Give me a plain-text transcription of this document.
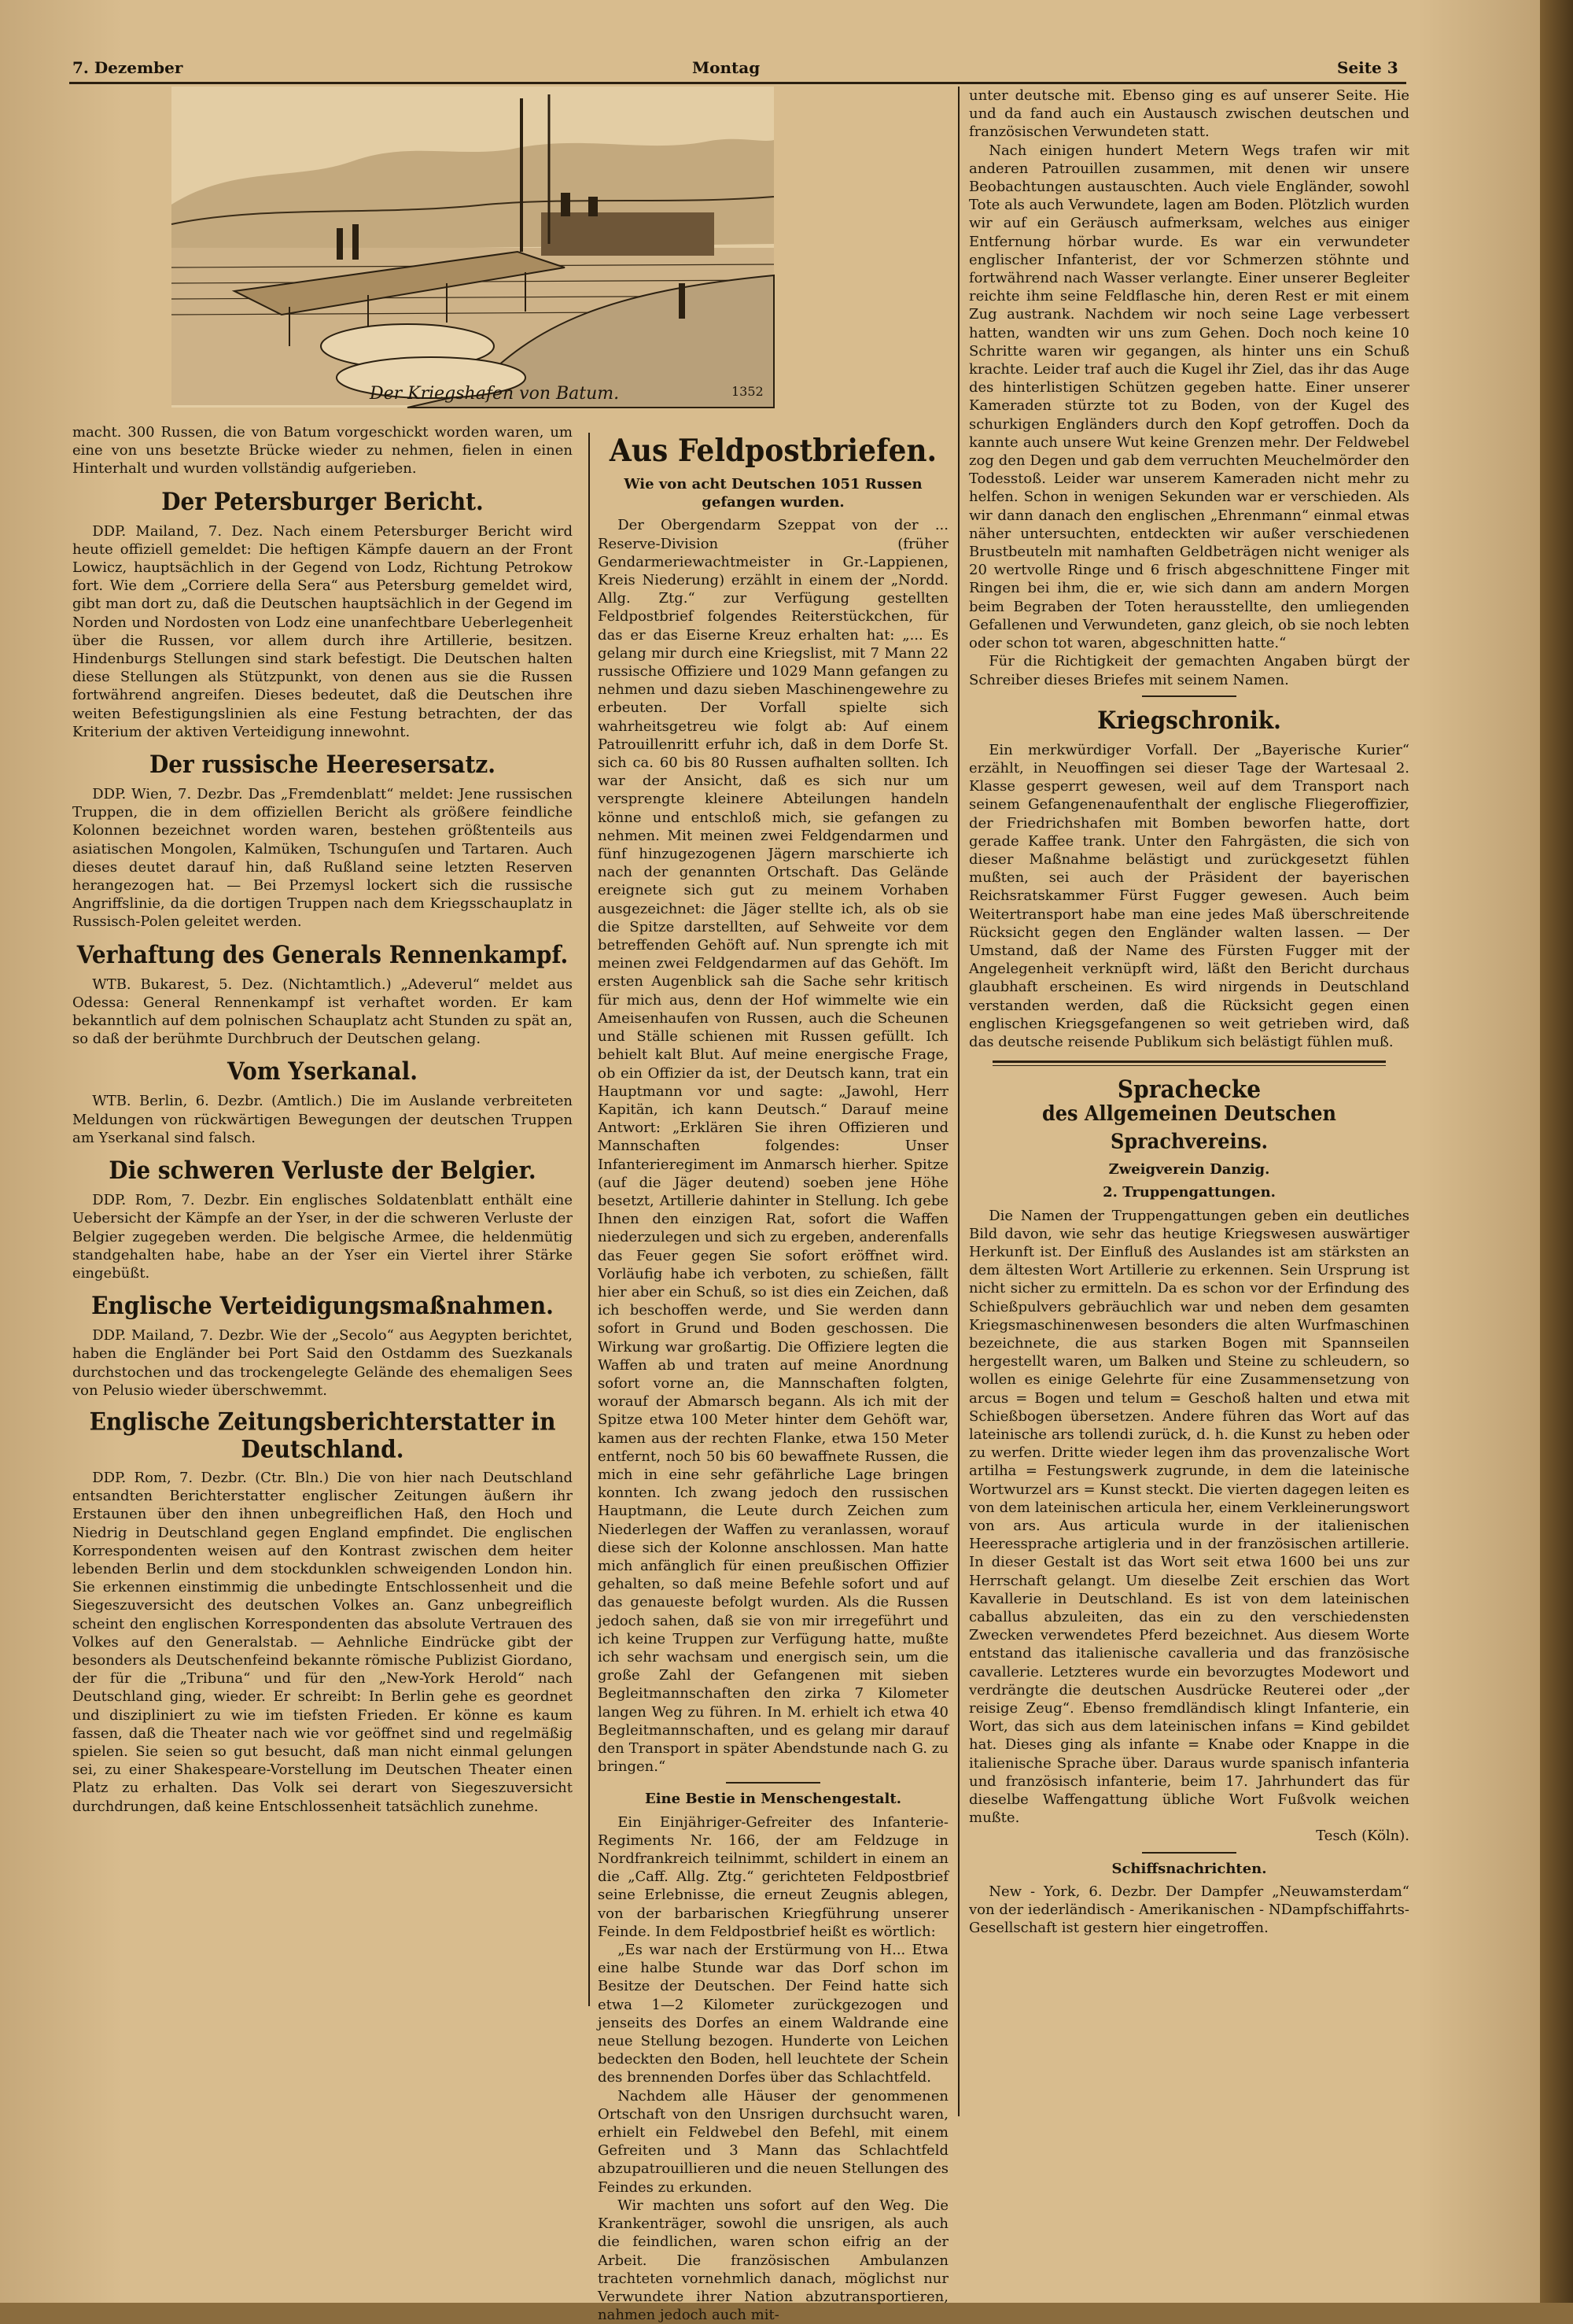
7. Dezember	Montag	Seite 3
Der Kriegshafen von Batum.	1352

macht. 300 Russen, die von Batum vorgeschickt worden waren, um eine von uns besetzte Brücke wieder zu nehmen, fielen in einen Hinterhalt und wurden vollständig aufgerieben.

Der Petersburger Bericht.

DDP. Mailand, 7. Dez. Nach einem Petersburger Bericht wird heute offiziell gemeldet: Die heftigen Kämpfe dauern an der Front Lowicz, hauptsächlich in der Gegend von Lodz, Richtung Petrokow fort. Wie dem „Corriere della Sera“ aus Petersburg gemeldet wird, gibt man dort zu, daß die Deutschen hauptsächlich in der Gegend im Norden und Nordosten von Lodz eine unanfechtbare Ueberlegenheit über die Russen, vor allem durch ihre Artillerie, besitzen. Hindenburgs Stellungen sind stark befestigt. Die Deutschen halten diese Stellungen als Stützpunkt, von denen aus sie die Russen fortwährend angreifen. Dieses bedeutet, daß die Deutschen ihre weiten Befestigungslinien als eine Festung betrachten, der das Kriterium der aktiven Verteidigung innewohnt.

Der russische Heeresersatz.

DDP. Wien, 7. Dezbr. Das „Fremdenblatt“ meldet: Jene russischen Truppen, die in dem offiziellen Bericht als größere feindliche Kolonnen bezeichnet worden waren, bestehen größtenteils aus asiatischen Mongolen, Kalmüken, Tschunguſen und Tartaren. Auch dieses deutet darauf hin, daß Rußland seine letzten Reserven herangezogen hat. — Bei Przemysl lockert sich die russische Angriffslinie, da die dortigen Truppen nach dem Kriegsschauplatz in Russisch-Polen geleitet werden.

Verhaftung des Generals Rennenkampf.

WTB. Bukarest, 5. Dez. (Nichtamtlich.) „Adeverul“ meldet aus Odessa: General Rennenkampf ist verhaftet worden. Er kam bekanntlich auf dem polnischen Schauplatz acht Stunden zu spät an, so daß der berühmte Durchbruch der Deutschen gelang.

Vom Yserkanal.

WTB. Berlin, 6. Dezbr. (Amtlich.) Die im Auslande verbreiteten Meldungen von rückwärtigen Bewegungen der deutschen Truppen am Yserkanal sind falsch.

Die schweren Verluste der Belgier.

DDP. Rom, 7. Dezbr. Ein englisches Soldatenblatt enthält eine Uebersicht der Kämpfe an der Yser, in der die schweren Verluste der Belgier zugegeben werden. Die belgische Armee, die heldenmütig standgehalten habe, habe an der Yser ein Viertel ihrer Stärke eingebüßt.

Englische Verteidigungsmaßnahmen.

DDP. Mailand, 7. Dezbr. Wie der „Secolo“ aus Aegypten berichtet, haben die Engländer bei Port Said den Ostdamm des Suezkanals durchstochen und das trockengelegte Gelände des ehemaligen Sees von Pelusio wieder überschwemmt.

Englische Zeitungsberichterstatter in Deutschland.

DDP. Rom, 7. Dezbr. (Ctr. Bln.) Die von hier nach Deutschland entsandten Berichterstatter englischer Zeitungen äußern ihr Erstaunen über den ihnen unbegreiflichen Haß, den Hoch und Niedrig in Deutschland gegen England empfindet. Die englischen Korrespondenten weisen auf den Kontrast zwischen dem heiter lebenden Berlin und dem stockdunklen schweigenden London hin. Sie erkennen einstimmig die unbedingte Entschlossenheit und die Siegeszuversicht des deutschen Volkes an. Ganz unbegreiflich scheint den englischen Korrespondenten das absolute Vertrauen des Volkes auf den Generalstab. — Aehnliche Eindrücke gibt der besonders als Deutschenfeind bekannte römische Publizist Giordano, der für die „Tribuna“ und für den „New-York Herold“ nach Deutschland ging, wieder. Er schreibt: In Berlin gehe es geordnet und diszipliniert zu wie im tiefsten Frieden. Er könne es kaum fassen, daß die Theater nach wie vor geöffnet sind und regelmäßig spielen. Sie seien so gut besucht, daß man nicht einmal gelungen sei, zu einer Shakespeare-Vorstellung im Deutschen Theater einen Platz zu erhalten. Das Volk sei derart von Siegeszuversicht durchdrungen, daß keine Entschlossenheit tatsächlich zunehme.

Aus Feldpostbriefen.
Wie von acht Deutschen 1051 Russen gefangen wurden.

Der Obergendarm Szeppat von der ... Reserve-Division (früher Gendarmeriewachtmeister in Gr.-Lappienen, Kreis Niederung) erzählt in einem der „Nordd. Allg. Ztg.“ zur Verfügung gestellten Feldpostbrief folgendes Reiterstückchen, für das er das Eiserne Kreuz erhalten hat: „... Es gelang mir durch eine Kriegslist, mit 7 Mann 22 russische Offiziere und 1029 Mann gefangen zu nehmen und dazu sieben Maschinengewehre zu erbeuten. Der Vorfall spielte sich wahrheitsgetreu wie folgt ab: Auf einem Patrouillenritt erfuhr ich, daß in dem Dorfe St. sich ca. 60 bis 80 Russen aufhalten sollten. Ich war der Ansicht, daß es sich nur um versprengte kleinere Abteilungen handeln könne und entschloß mich, sie gefangen zu nehmen. Mit meinen zwei Feldgendarmen und fünf hinzugezogenen Jägern marschierte ich nach der genannten Ortschaft. Das Gelände ereignete sich gut zu meinem Vorhaben ausgezeichnet: die Jäger stellte ich, als ob sie die Spitze darstellten, auf Sehweite vor dem betreffenden Gehöft auf. Nun sprengte ich mit meinen zwei Feldgendarmen auf das Gehöft. Im ersten Augenblick sah die Sache sehr kritisch für mich aus, denn der Hof wimmelte wie ein Ameisenhaufen von Russen, auch die Scheunen und Ställe schienen mit Russen gefüllt. Ich behielt kalt Blut. Auf meine energische Frage, ob ein Offizier da ist, der Deutsch kann, trat ein Hauptmann vor und sagte: „Jawohl, Herr Kapitän, ich kann Deutsch.“ Darauf meine Antwort: „Erklären Sie ihren Offizieren und Mannschaften folgendes: Unser Infanterieregiment im Anmarsch hierher. Spitze (auf die Jäger deutend) soeben jene Höhe besetzt, Artillerie dahinter in Stellung. Ich gebe Ihnen den einzigen Rat, sofort die Waffen niederzulegen und sich zu ergeben, anderenfalls das Feuer gegen Sie sofort eröffnet wird. Vorläufig habe ich verboten, zu schießen, fällt hier aber ein Schuß, so ist dies ein Zeichen, daß ich beschoffen werde, und Sie werden dann sofort in Grund und Boden geschossen. Die Wirkung war großartig. Die Offiziere legten die Waffen ab und traten auf meine Anordnung sofort vorne an, die Mannschaften folgten, worauf der Abmarsch begann. Als ich mit der Spitze etwa 100 Meter hinter dem Gehöft war, kamen aus der rechten Flanke, etwa 150 Meter entfernt, noch 50 bis 60 bewaffnete Russen, die mich in eine sehr gefährliche Lage bringen konnten. Ich zwang jedoch den russischen Hauptmann, die Leute durch Zeichen zum Niederlegen der Waffen zu veranlassen, worauf diese sich der Kolonne anschlossen. Man hatte mich anfänglich für einen preußischen Offizier gehalten, so daß meine Befehle sofort und auf das genaueste befolgt wurden. Als die Russen jedoch sahen, daß sie von mir irregeführt und ich keine Truppen zur Verfügung hatte, mußte ich sehr wachsam und energisch sein, um die große Zahl der Gefangenen mit sieben Begleitmannschaften den zirka 7 Kilometer langen Weg zu führen. In M. erhielt ich etwa 40 Begleitmannschaften, und es gelang mir darauf den Transport in später Abendstunde nach G. zu bringen.“

Eine Bestie in Menschengestalt.

Ein Einjähriger-Gefreiter des Infanterie-Regiments Nr. 166, der am Feldzuge in Nordfrankreich teilnimmt, schildert in einem an die „Caff. Allg. Ztg.“ gerichteten Feldpostbrief seine Erlebnisse, die erneut Zeugnis ablegen, von der barbarischen Kriegführung unserer Feinde. In dem Feldpostbrief heißt es wörtlich:

„Es war nach der Erstürmung von H... Etwa eine halbe Stunde war das Dorf schon im Besitze der Deutschen. Der Feind hatte sich etwa 1—2 Kilometer zurückgezogen und jenseits des Dorfes an einem Waldrande eine neue Stellung bezogen. Hunderte von Leichen bedeckten den Boden, hell leuchtete der Schein des brennenden Dorfes über das Schlachtfeld.

Nachdem alle Häuser der genommenen Ortschaft von den Unsrigen durchsucht waren, erhielt ein Feldwebel den Befehl, mit einem Gefreiten und 3 Mann das Schlachtfeld abzupatrouillieren und die neuen Stellungen des Feindes zu erkunden.

Wir machten uns sofort auf den Weg. Die Krankenträger, sowohl die unsrigen, als auch die feindlichen, waren schon eifrig an der Arbeit. Die französischen Ambulanzen trachteten vornehmlich danach, möglichst nur Verwundete ihrer Nation abzutransportieren, nahmen jedoch auch mit-

unter deutsche mit. Ebenso ging es auf unserer Seite. Hie und da fand auch ein Austausch zwischen deutschen und französischen Verwundeten statt.

Nach einigen hundert Metern Wegs trafen wir mit anderen Patrouillen zusammen, mit denen wir unsere Beobachtungen austauschten. Auch viele Engländer, sowohl Tote als auch Verwundete, lagen am Boden. Plötzlich wurden wir auf ein Geräusch aufmerksam, welches aus einiger Entfernung hörbar wurde. Es war ein verwundeter englischer Infanterist, der vor Schmerzen stöhnte und fortwährend nach Wasser verlangte. Einer unserer Begleiter reichte ihm seine Feldflasche hin, deren Rest er mit einem Zug austrank. Nachdem wir noch seine Lage verbessert hatten, wandten wir uns zum Gehen. Doch noch keine 10 Schritte waren wir gegangen, als hinter uns ein Schuß krachte. Leider traf auch die Kugel ihr Ziel, das ihr das Auge des hinterlistigen Schützen gegeben hatte. Einer unserer Kameraden stürzte tot zu Boden, von der Kugel des schurkigen Engländers durch den Kopf getroffen. Doch da kannte auch unsere Wut keine Grenzen mehr. Der Feldwebel zog den Degen und gab dem verruchten Meuchelmörder den Todesstoß. Leider war unserem Kameraden nicht mehr zu helfen. Schon in wenigen Sekunden war er verschieden. Als wir dann danach den englischen „Ehrenmann“ einmal etwas näher untersuchten, entdeckten wir außer verschiedenen Brustbeuteln mit namhaften Geldbeträgen nicht weniger als 20 wertvolle Ringe und 6 frisch abgeschnittene Finger mit Ringen bei ihm, die er, wie sich dann am andern Morgen beim Begraben der Toten herausstellte, den umliegenden Gefallenen und Verwundeten, ganz gleich, ob sie noch lebten oder schon tot waren, abgeschnitten hatte.“

Für die Richtigkeit der gemachten Angaben bürgt der Schreiber dieses Briefes mit seinem Namen.

Kriegschronik.

Ein merkwürdiger Vorfall. Der „Bayerische Kurier“ erzählt, in Neuoffingen sei dieser Tage der Wartesaal 2. Klasse gesperrt gewesen, weil auf dem Transport nach seinem Gefangenenaufenthalt der englische Fliegeroffizier, der Friedrichshafen mit Bomben beworfen hatte, dort gerade Kaffee trank. Unter den Fahrgästen, die sich von dieser Maßnahme belästigt und zurückgesetzt fühlen mußten, sei auch der Präsident der bayerischen Reichsratskammer Fürst Fugger gewesen. Auch beim Weitertransport habe man eine jedes Maß überschreitende Rücksicht gegen den Engländer walten lassen. — Der Umstand, daß der Name des Fürsten Fugger mit der Angelegenheit verknüpft wird, läßt den Bericht durchaus glaubhaft erscheinen. Es wird nirgends in Deutschland verstanden werden, daß die Rücksicht gegen einen englischen Kriegsgefangenen so weit getrieben wird, daß das deutsche reisende Publikum sich belästigt fühlen muß.

Sprachecke
des Allgemeinen Deutschen Sprachvereins.
Zweigverein Danzig.
2. Truppengattungen.

Die Namen der Truppengattungen geben ein deutliches Bild davon, wie sehr das heutige Kriegswesen auswärtiger Herkunft ist. Der Einfluß des Auslandes ist am stärksten an dem ältesten Wort Artillerie zu erkennen. Sein Ursprung ist nicht sicher zu ermitteln. Da es schon vor der Erfindung des Schießpulvers gebräuchlich war und neben dem gesamten Kriegsmaschinenwesen besonders die alten Wurfmaschinen bezeichnete, die aus starken Bogen mit Spannseilen hergestellt waren, um Balken und Steine zu schleudern, so wollen es einige Gelehrte für eine Zusammensetzung von arcus = Bogen und telum = Geschoß halten und etwa mit Schießbogen übersetzen. Andere führen das Wort auf das lateinische ars tollendi zurück, d. h. die Kunst zu heben oder zu werfen. Dritte wieder legen ihm das provenzalische Wort artilha = Festungswerk zugrunde, in dem die lateinische Wortwurzel ars = Kunst steckt. Die vierten dagegen leiten es von dem lateinischen articula her, einem Verkleinerungswort von ars. Aus articula wurde in der italienischen Heeressprache artigleria und in der französischen artillerie. In dieser Gestalt ist das Wort seit etwa 1600 bei uns zur Herrschaft gelangt. Um dieselbe Zeit erschien das Wort Kavallerie in Deutschland. Es ist von dem lateinischen caballus abzuleiten, das ein zu den verschiedensten Zwecken verwendetes Pferd bezeichnet. Aus diesem Worte entstand das italienische cavalleria und das französische cavallerie. Letzteres wurde ein bevorzugtes Modewort und verdrängte die deutschen Ausdrücke Reuterei oder „der reisige Zeug“. Ebenso fremdländisch klingt Infanterie, ein Wort, das sich aus dem lateinischen infans = Kind gebildet hat. Dieses ging als infante = Knabe oder Knappe in die italienische Sprache über. Daraus wurde spanisch infanteria und französisch infanterie, beim 17. Jahrhundert das für dieselbe Waffengattung übliche Wort Fußvolk weichen mußte.

Tesch (Köln).

Schiffsnachrichten.

New - York, 6. Dezbr. Der Dampfer „Neuwamsterdam“ von der iederländisch - Amerikanischen - NDampfschiffahrts-Gesellschaft ist gestern hier eingetroffen.
